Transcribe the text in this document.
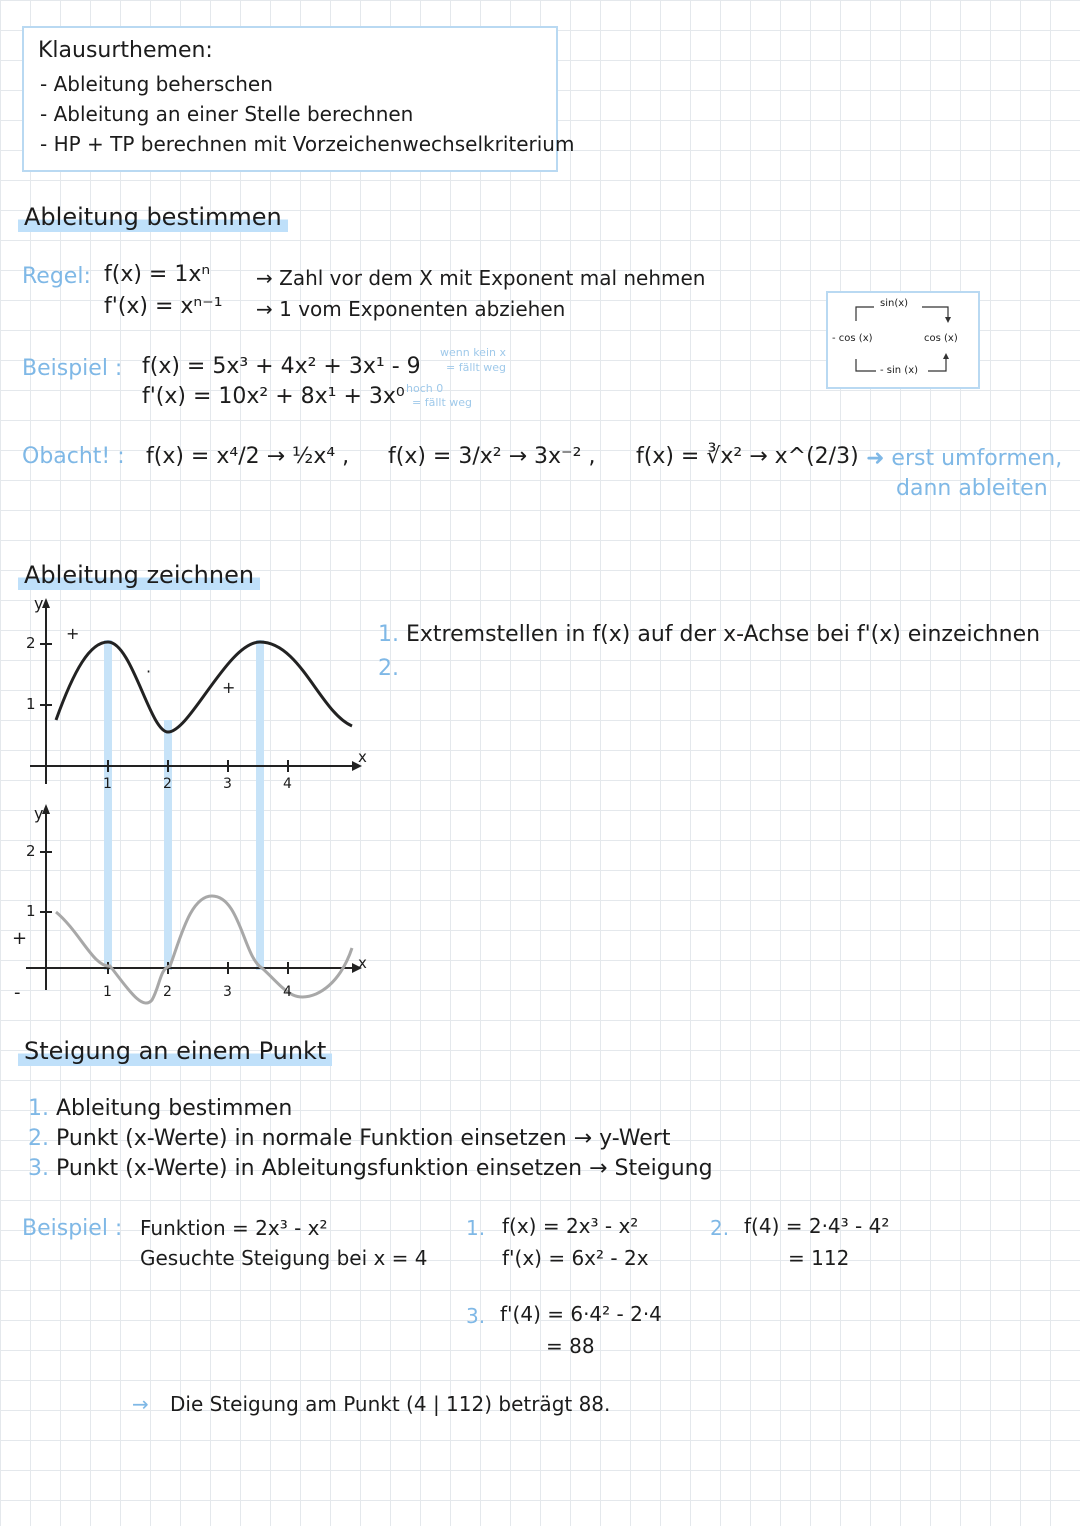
Klausurthemen:
- Ableitung beherschen
- Ableitung an einer Stelle berechnen
- HP + TP berechnen mit Vorzeichenwechselkriterium
Ableitung bestimmen
Regel: f(x) = 1xⁿ
f'(x) = xⁿ⁻¹
→ Zahl vor dem X mit Exponent mal nehmen
→ 1 vom Exponenten abziehen	sin(x)
- cos (x)	cos (x)
- sin (x)
Beispiel : f(x) = 5x³ + 4x² + 3x¹ - 9
f'(x) = 10x² + 8x¹ + 3x⁰
wenn kein x
= fällt weg
hoch 0
= fällt weg
Obacht! : f(x) = x⁴/2 → ½x⁴ , f(x) = 3/x² → 3x⁻² , f(x) = ∛x² → x^(2/3) ➜ erst umformen,
dann ableiten
Ableitung zeichnen
1. Extremstellen in f(x) auf der x-Achse bei f'(x) einzeichnen
2.
y
2
1
x
1	2	3	4
+
·
+
y
2
1
+
-
x
1	2	3	4
Steigung an einem Punkt
1. Ableitung bestimmen
2. Punkt (x-Werte) in normale Funktion einsetzen → y-Wert
3. Punkt (x-Werte) in Ableitungsfunktion einsetzen → Steigung
Beispiel : Funktion = 2x³ - x²
Gesuchte Steigung bei x = 4
1. f(x) = 2x³ - x²
f'(x) = 6x² - 2x
2. f(4) = 2·4³ - 4²
= 112
3. f'(4) = 6·4² - 2·4
= 88
→ Die Steigung am Punkt (4 | 112) beträgt 88.
